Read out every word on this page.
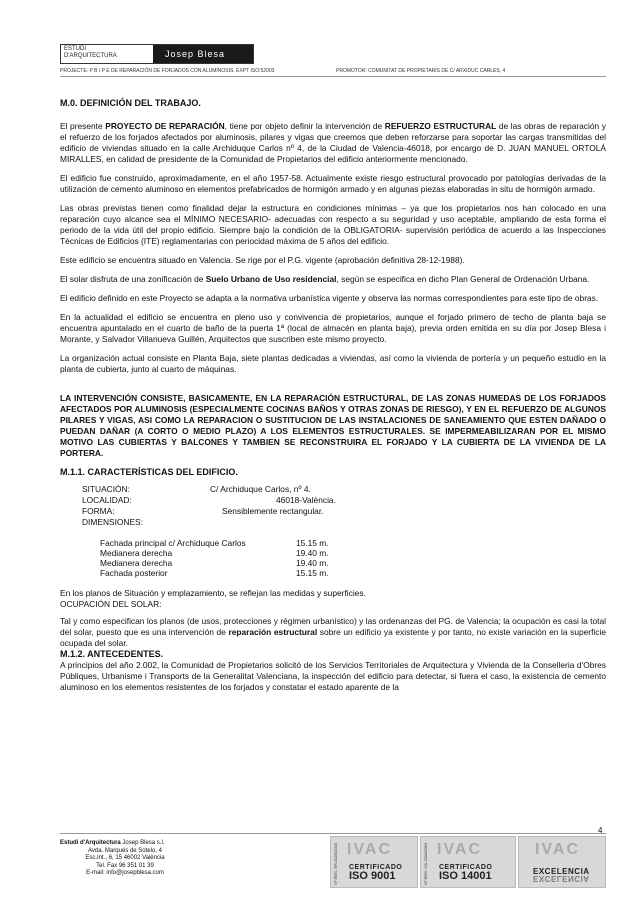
ESTUDI
D'ARQUITECTURA	Josep Blesa
PROJECTE: P B I P E DE REPARACIÓN DE FORJADOS CON ALUMINOSIS. EXPT ISO:52003	PROMOTOR: COMUNITAT DE PROPIETARIS DE C/ ARXIDUC CARLES, 4
M.0. DEFINICIÓN DEL TRABAJO.

El presente PROYECTO DE REPARACIÓN, tiene por objeto definir la intervención de REFUERZO ESTRUCTURAL de las obras de reparación y el refuerzo de los forjados afectados por aluminosis, pilares y vigas que creemos que deben reforzarse para soportar las cargas transmitidas del edificio de viviendas situado en la calle Archiduque Carlos nº 4, de la Ciudad de Valencia-46018, por encargo de D. JUAN MANUEL ORTOLÁ MIRALLES, en calidad de presidente de la Comunidad de Propietarios del edificio anteriormente mencionado.

El edificio fue construido, aproximadamente, en el año 1957-58. Actualmente existe riesgo estructural provocado por patologías derivadas de la utilización de cemento aluminoso en elementos prefabricados de hormigón armado y en algunas piezas elaboradas in situ de hormigón armado.

Las obras previstas tienen como finalidad dejar la estructura en condiciones mínimas – ya que los propietarios nos han colocado en una reparación cuyo alcance sea el MÍNIMO NECESARIO- adecuadas con respecto a su seguridad y uso aceptable, ampliando de esta forma el periodo de la vida útil del propio edificio. Siempre bajo la condición de la OBLIGATORIA- supervisión periódica de acuerdo a las Inspecciones Técnicas de Edificios (ITE) reglamentarias con periocidad máxima de 5 años del edificio.

Este edificio se encuentra situado en Valencia. Se rige por el P.G. vigente (aprobación definitiva 28-12-1988).

El solar disfruta de una zonificación de Suelo Urbano de Uso residencial, según se especifica en dicho Plan General de Ordenación Urbana.

El edificio definido en este Proyecto se adapta a la normativa urbanística vigente y observa las normas correspondientes para este tipo de obras.

En la actualidad el edificio se encuentra en pleno uso y convivencia de propietarios, aunque el forjado primero de techo de planta baja se encuentra apuntalado en el cuarto de baño de la puerta 1ª (local de almacén en planta baja), previa orden emitida en su día por Josep Blesa i Morante, y Salvador Villanueva Guillén, Arquitectos que suscriben este mismo proyecto.

La organización actual consiste en Planta Baja, siete plantas dedicadas a viviendas, así como la vivienda de portería y un pequeño estudio en la planta de cubierta, junto al cuarto de máquinas.

LA INTERVENCIÓN CONSISTE, BASICAMENTE, EN LA REPARACIÓN ESTRUCTURAL, DE LAS ZONAS HUMEDAS DE LOS FORJADOS AFECTADOS POR ALUMINOSIS (ESPECIALMENTE COCINAS BAÑOS Y OTRAS ZONAS DE RIESGO), Y EN EL REFUERZO DE ALGUNOS PILARES Y VIGAS, ASI COMO LA REPARACION O SUSTITUCION DE LAS INSTALACIONES DE SANEAMIENTO QUE ESTEN DAÑADO O PUEDAN DAÑAR (A CORTO O MEDIO PLAZO) A LOS ELEMENTOS ESTRUCTURALES. SE IMPERMEABILIZARAN POR EL MISMO MOTIVO LAS CUBIERTAS Y BALCONES Y TAMBIEN SE RECONSTRUIRA EL FORJADO Y LA CUBIERTA DE LA VIVIENDA DE LA PORTERA.

M.1.1. CARACTERÍSTICAS DEL EDIFICIO.
SITUACIÓN:	C/ Archiduque Carlos, nº 4.
LOCALIDAD:	46018-València.
FORMA:	Sensiblemente rectangular.
DIMENSIONES:
Fachada principal c/ Archiduque Carlos	15.15 m.
Medianera derecha	19.40 m.
Medianera derecha	19.40 m.
Fachada posterior	15.15 m.
En los planos de Situación y emplazamiento, se reflejan las medidas y superficies.
OCUPACIÓN DEL SOLAR:

Tal y como especifican los planos (de usos, protecciones y régimen urbanístico) y las ordenanzas del PG. de Valencia; la ocupación es casi la total del solar, puesto que es una intervención de reparación estructural sobre un edificio ya existente y por tanto, no existe variación en la superficie ocupada del solar.

M.1.2. ANTECEDENTES.

A principios del año 2.002, la Comunidad de Propietarios solicitó de los Servicios Territoriales de Arquitectura y Vivienda de la Conselleria d'Obres Públiques, Urbanisme i Transports de la Generalitat Valenciana, la inspección del edificio para detectar, si fuera el caso, la existencia de cemento aluminoso en los elementos resistentes de los forjados y constatar el estado aparente de la

4
Estudi d'Arquitectura Josep Blesa s.l.
Avda. Marqués de Sotelo, 4
Esc.Int., 6, 15 46002 València
Tel. Fax 96 351 01 39
E-mail: info@josepblesa.com	Nº REG. ER-0023/2003 IVAC
CERTIFICADO
ISO 9001	Nº REG. GA-2004/0363 IVAC
CERTIFICADO
ISO 14001
IVAC
EXCELENCIA
EXCELENCIA
